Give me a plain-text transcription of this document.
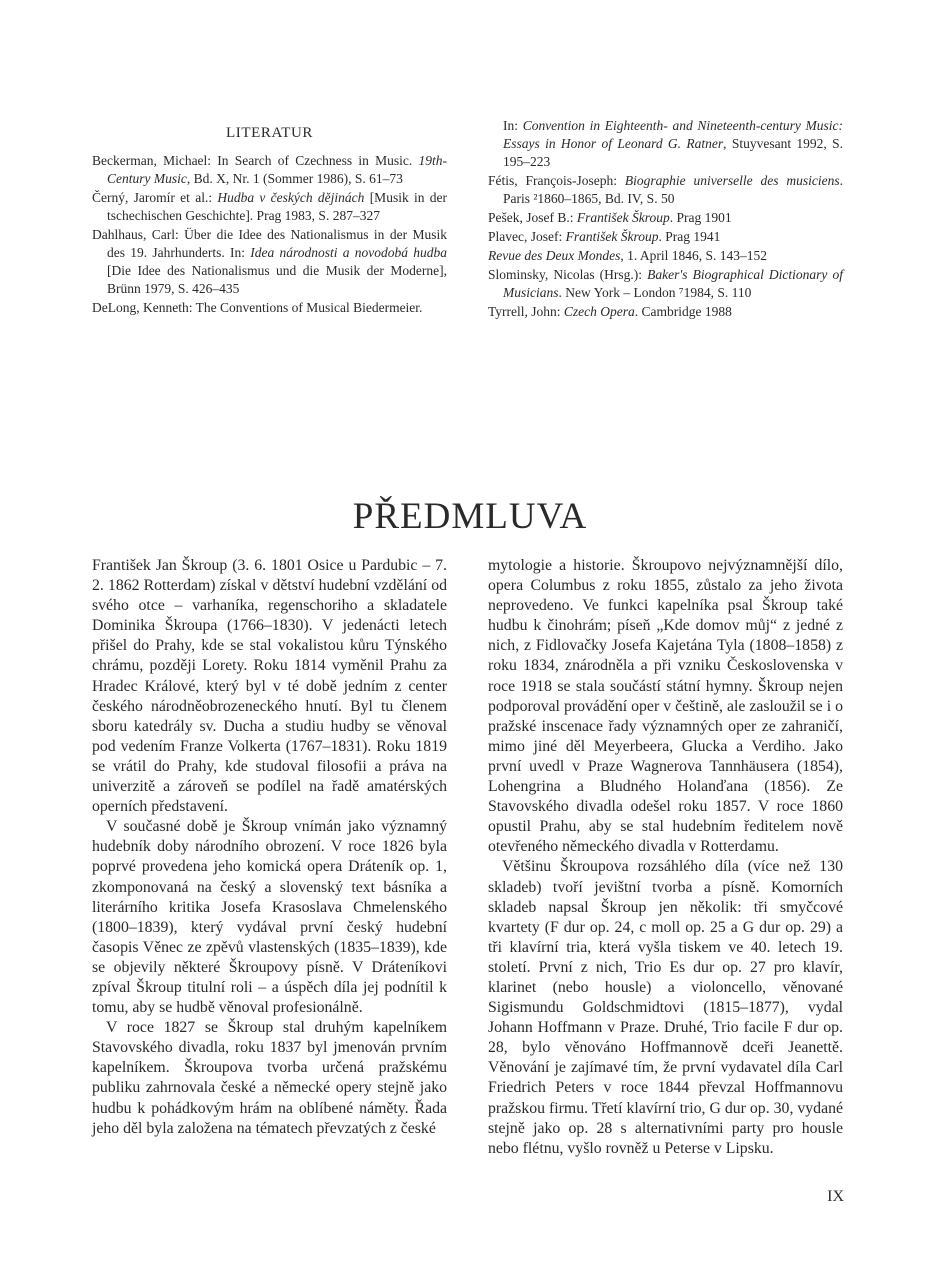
LITERATUR

Beckerman, Michael: In Search of Czechness in Music. 19th-Century Music, Bd. X, Nr. 1 (Sommer 1986), S. 61–73

Černý, Jaromír et al.: Hudba v českých dějinách [Musik in der tschechischen Geschichte]. Prag 1983, S. 287–327

Dahlhaus, Carl: Über die Idee des Nationalismus in der Musik des 19. Jahrhunderts. In: Idea národnosti a novodobá hudba [Die Idee des Nationalismus und die Musik der Moderne], Brünn 1979, S. 426–435

DeLong, Kenneth: The Conventions of Musical Biedermeier.

In: Convention in Eighteenth- and Nineteenth-century Music: Essays in Honor of Leonard G. Ratner, Stuyvesant 1992, S. 195–223

Fétis, François-Joseph: Biographie universelle des musiciens. Paris ²1860–1865, Bd. IV, S. 50

Pešek, Josef B.: František Škroup. Prag 1901

Plavec, Josef: František Škroup. Prag 1941

Revue des Deux Mondes, 1. April 1846, S. 143–152

Slominsky, Nicolas (Hrsg.): Baker's Biographical Dictionary of Musicians. New York – London ⁷1984, S. 110

Tyrrell, John: Czech Opera. Cambridge 1988

PŘEDMLUVA

František Jan Škroup (3. 6. 1801 Osice u Pardubic – 7. 2. 1862 Rotterdam) získal v dětství hudební vzdělání od svého otce – varhaníka, regenschoriho a skladatele Dominika Škroupa (1766–1830). V jedenácti letech přišel do Prahy, kde se stal vokalistou kůru Týnského chrámu, později Lorety. Roku 1814 vyměnil Prahu za Hradec Králové, který byl v té době jedním z center českého národněobrozeneckého hnutí. Byl tu členem sboru katedrály sv. Ducha a studiu hudby se věnoval pod vedením Franze Volkerta (1767–1831). Roku 1819 se vrátil do Prahy, kde studoval filosofii a práva na univerzitě a zároveň se podílel na řadě amatérských operních představení.

V současné době je Škroup vnímán jako významný hudebník doby národního obrození. V roce 1826 byla poprvé provedena jeho komická opera Dráteník op. 1, zkomponovaná na český a slovenský text básníka a literárního kritika Josefa Krasoslava Chmelenského (1800–1839), který vydával první český hudební časopis Věnec ze zpěvů vlastenských (1835–1839), kde se objevily některé Škroupovy písně. V Dráteníkovi zpíval Škroup titulní roli – a úspěch díla jej podnítil k tomu, aby se hudbě věnoval profesionálně.

V roce 1827 se Škroup stal druhým kapelníkem Stavovského divadla, roku 1837 byl jmenován prvním kapelníkem. Škroupova tvorba určená pražskému publiku zahrnovala české a německé opery stejně jako hudbu k pohádkovým hrám na oblíbené náměty. Řada jeho děl byla založena na tématech převzatých z české

mytologie a historie. Škroupovo nejvýznamnější dílo, opera Columbus z roku 1855, zůstalo za jeho života neprovedeno. Ve funkci kapelníka psal Škroup také hudbu k činohrám; píseň „Kde domov můj“ z jedné z nich, z Fidlovačky Josefa Kajetána Tyla (1808–1858) z roku 1834, znárodněla a při vzniku Československa v roce 1918 se stala součástí státní hymny. Škroup nejen podporoval provádění oper v češtině, ale zasloužil se i o pražské inscenace řady významných oper ze zahraničí, mimo jiné děl Meyerbeera, Glucka a Verdiho. Jako první uvedl v Praze Wagnerova Tannhäusera (1854), Lohengrina a Bludného Holanďana (1856). Ze Stavovského divadla odešel roku 1857. V roce 1860 opustil Prahu, aby se stal hudebním ředitelem nově otevřeného německého divadla v Rotterdamu.

Většinu Škroupova rozsáhlého díla (více než 130 skladeb) tvoří jevištní tvorba a písně. Komorních skladeb napsal Škroup jen několik: tři smyčcové kvartety (F dur op. 24, c moll op. 25 a G dur op. 29) a tři klavírní tria, která vyšla tiskem ve 40. letech 19. století. První z nich, Trio Es dur op. 27 pro klavír, klarinet (nebo housle) a violoncello, věnované Sigismundu Goldschmidtovi (1815–1877), vydal Johann Hoffmann v Praze. Druhé, Trio facile F dur op. 28, bylo věnováno Hoffmannově dceři Jeanettě. Věnování je zajímavé tím, že první vydavatel díla Carl Friedrich Peters v roce 1844 převzal Hoffmannovu pražskou firmu. Třetí klavírní trio, G dur op. 30, vydané stejně jako op. 28 s alternativními party pro housle nebo flétnu, vyšlo rovněž u Peterse v Lipsku.

IX
